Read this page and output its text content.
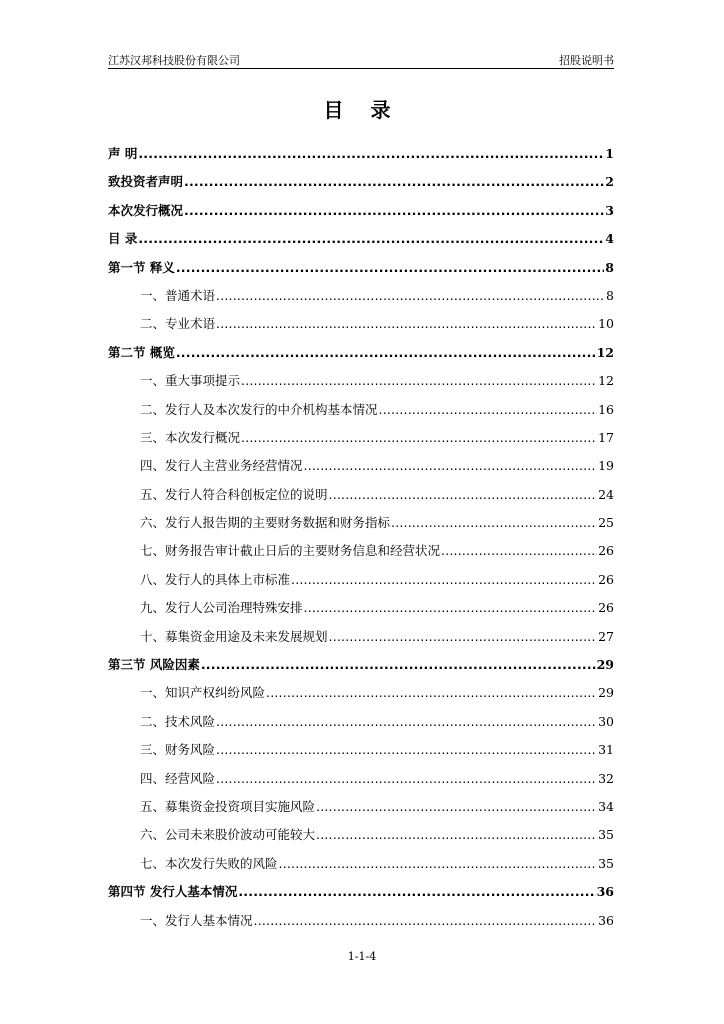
江苏汉邦科技股份有限公司	招股说明书
目 录
声 明 .....	1
致投资者声明 .....	2
本次发行概况 .....	3
目 录 .....	4
第一节 释义 .....	8
一、普通术语 .....	8
二、专业术语 .....	10
第二节 概览 .....	12
一、重大事项提示 .....	12
二、发行人及本次发行的中介机构基本情况 .....	16
三、本次发行概况 .....	17
四、发行人主营业务经营情况 .....	19
五、发行人符合科创板定位的说明 .....	24
六、发行人报告期的主要财务数据和财务指标 .....	25
七、财务报告审计截止日后的主要财务信息和经营状况 .....	26
八、发行人的具体上市标准 .....	26
九、发行人公司治理特殊安排 .....	26
十、募集资金用途及未来发展规划 .....	27
第三节 风险因素 .....	29
一、知识产权纠纷风险 .....	29
二、技术风险 .....	30
三、财务风险 .....	31
四、经营风险 .....	32
五、募集资金投资项目实施风险 .....	34
六、公司未来股价波动可能较大 .....	35
七、本次发行失败的风险 .....	35
第四节 发行人基本情况 .....	36
一、发行人基本情况 .....	36
1-1-4
